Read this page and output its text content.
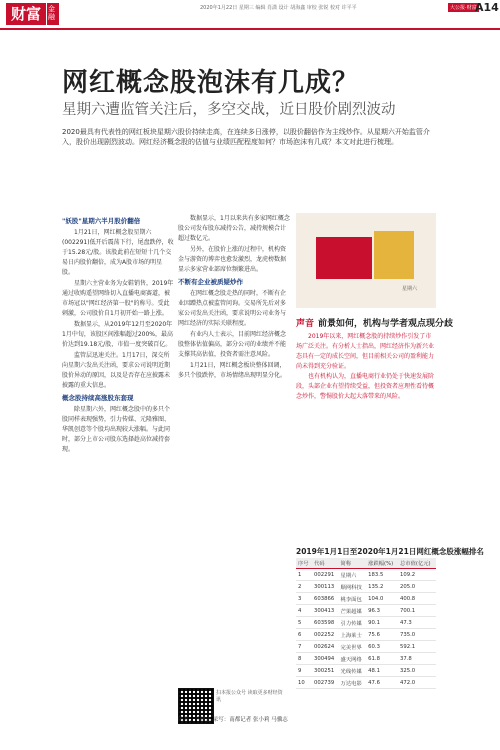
财富	金融
2020年1月22日 星期三 编辑 肖潇 设计 胡海鑫 审校 张锐 校对 许平平	大公报·财富
A14
网红概念股泡沫有几成？
星期六遭监管关注后，多空交战，近日股价剧烈波动
2020最具有代表性的网红板块星期六股价持续走高，在连续多日涨停，以股价翻倍作为主线炒作。从星期六开始监管介入，股价出现剧烈波动。网红经济概念股的估值与业绩匹配程度如何？市场泡沫有几成？本文对此进行梳理。

"妖股"星期六半月股价翻倍

1月21日，网红概念股星期六(002291)低开后震荡下行，尾盘跌停，收于15.28元/股。该股此前在短短十几个交易日内股价翻倍，成为A股市场的明星股。

星期六主营业务为女鞋销售，2019年通过收购遥望网络切入直播电商赛道，被市场冠以"网红经济第一股"的称号。受此刺激，公司股价自1月初开始一路上涨。

数据显示，从2019年12月至2020年1月中旬，该股区间涨幅超过200%，最高价达到19.18元/股，市值一度突破百亿。

监管层迅速关注。1月17日，深交所向星期六发出关注函，要求公司说明近期股价异动的原因，以及是否存在应披露未披露的重大信息。

概念股持续高涨股东套现

除星期六外，网红概念股中的多只个股同样表现强势，引力传媒、元隆雅图、华凯创意等个股均出现较大涨幅。与此同时，部分上市公司股东选择趁高位减持套现。

数据显示，1月以来共有多家网红概念股公司发布股东减持公告，减持规模合计超过数亿元。

另外，在股价上涨的过程中，机构资金与游资的博弈也愈发激烈，龙虎榜数据显示多家营业部席位频繁进出。

不断有企业被质疑炒作

在网红概念股走热的同时，不断有企业因蹭热点被监管问询。交易所先后对多家公司发出关注函，要求说明公司业务与网红经济的实际关联程度。

有业内人士表示，目前网红经济概念股整体估值偏高，部分公司的业绩并不能支撑其高估值，投资者需注意风险。

1月21日，网红概念板块整体回调，多只个股跌停，市场情绪出现明显分化。

星期六
声音 前景如何，机构与学者观点现分歧

2019年以来，网红概念股的持续炒作引发了市场广泛关注。有分析人士指出，网红经济作为新兴业态具有一定的成长空间，但目前相关公司的盈利能力尚未得到充分验证。

也有机构认为，直播电商行业仍处于快速发展阶段，头部企业有望持续受益，但投资者应理性看待概念炒作，警惕股价大起大落带来的风险。

2019年1月1日至2020年1月21日网红概念股涨幅排名
序号	代码	简称	涨跌幅(%)	总市值(亿元)
1	002291	星期六	183.5	109.2
2	300113	顺网科技	135.2	205.0
3	603866	桃李面包	104.0	400.8
4	300413	芒果超媒	96.3	700.1
5	603598	引力传媒	90.1	47.3
6	002252	上海莱士	75.6	735.0
7	002624	完美世界	60.3	592.1
8	300494	盛天网络	61.8	37.8
9	300251	光线传媒	48.1	325.0
10	002739	万达电影	47.6	472.0
扫本报公众号 读取更多财经资讯
统筹：马骥志 采写：南都记者 张小莉 马骥志
